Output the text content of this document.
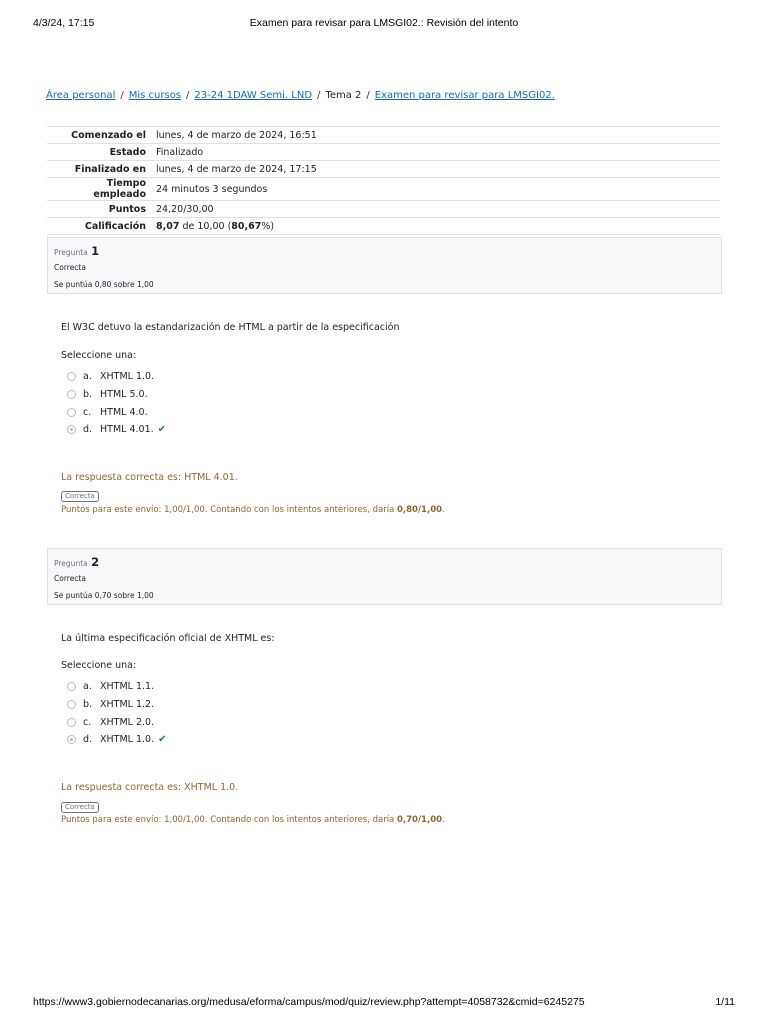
4/3/24, 17:15	Examen para revisar para LMSGI02.: Revisión del intento
Área personal / Mis cursos / 23-24 1DAW Semi. LND / Tema 2 / Examen para revisar para LMSGI02.
Comenzado el	lunes, 4 de marzo de 2024, 16:51
Estado	Finalizado
Finalizado en	lunes, 4 de marzo de 2024, 17:15
Tiempo empleado	24 minutos 3 segundos
Puntos	24,20/30,00
Calificación	8,07 de 10,00 (80,67%)
Pregunta 1
Correcta
Se puntúa 0,80 sobre 1,00
El W3C detuvo la estandarización de HTML a partir de la especificación
Seleccione una:
a. XHTML 1.0.
b. HTML 5.0.
c. HTML 4.0.
d. HTML 4.01. ✔
La respuesta correcta es: HTML 4.01.
Correcta
Puntos para este envío: 1,00/1,00. Contando con los intentos anteriores, daría 0,80/1,00.
Pregunta 2
Correcta
Se puntúa 0,70 sobre 1,00
La última especificación oficial de XHTML es:
Seleccione una:
a. XHTML 1.1.
b. XHTML 1.2.
c. XHTML 2.0.
d. XHTML 1.0. ✔
La respuesta correcta es: XHTML 1.0.
Correcta
Puntos para este envío: 1,00/1,00. Contando con los intentos anteriores, daría 0,70/1,00.
https://www3.gobiernodecanarias.org/medusa/eforma/campus/mod/quiz/review.php?attempt=4058732&cmid=6245275	1/11
